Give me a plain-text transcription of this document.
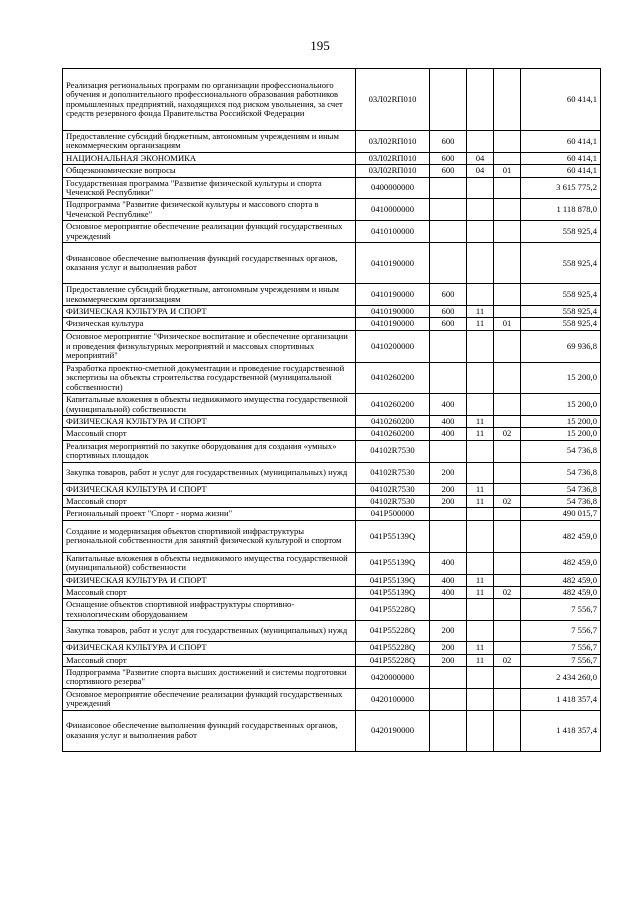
195
Реализация региональных программ по организации профессионального обучения и дополнительного профессионального образования работников промышленных предприятий, находящихся под риском увольнения, за счет средств резервного фонда Правительства Российской Федерации	03Л02RП010				60 414,1
Предоставление субсидий бюджетным, автономным учреждениям и иным некоммерческим организациям	03Л02RП010	600			60 414,1
НАЦИОНАЛЬНАЯ ЭКОНОМИКА	03Л02RП010	600	04		60 414,1
Общеэкономические вопросы	03Л02RП010	600	04	01	60 414,1
Государственная программа "Развитие физической культуры и спорта Чеченской Республики"	0400000000				3 615 775,2
Подпрограмма "Развитие физической культуры и массового спорта в Чеченской Республике"	0410000000				1 118 878,0
Основное мероприятие обеспечение реализации функций государственных учреждений	0410100000				558 925,4
Финансовое обеспечение выполнения функций государственных органов, оказания услуг и выполнения работ	0410190000				558 925,4
Предоставление субсидий бюджетным, автономным учреждениям и иным некоммерческим организациям	0410190000	600			558 925,4
ФИЗИЧЕСКАЯ КУЛЬТУРА И СПОРТ	0410190000	600	11		558 925,4
Физическая культура	0410190000	600	11	01	558 925,4
Основное мероприятие "Физическое воспитание и обеспечение организации и проведения физкультурных мероприятий и массовых спортивных мероприятий"	0410200000				69 936,8
Разработка проектно-сметной документации и проведение государственной экспертизы на объекты строительства государственной (муниципальной собственности)	0410260200				15 200,0
Капитальные вложения в объекты недвижимого имущества государственной (муниципальной) собственности	0410260200	400			15 200,0
ФИЗИЧЕСКАЯ КУЛЬТУРА И СПОРТ	0410260200	400	11		15 200,0
Массовый спорт	0410260200	400	11	02	15 200,0
Реализация мероприятий по закупке оборудования для создания «умных» спортивных площадок	04102R7530				54 736,8
Закупка товаров, работ и услуг для государственных (муниципальных) нужд	04102R7530	200			54 736,8
ФИЗИЧЕСКАЯ КУЛЬТУРА И СПОРТ	04102R7530	200	11		54 736,8
Массовый спорт	04102R7530	200	11	02	54 736,8
Региональный проект "Спорт - норма жизни"	041P500000				490 015,7
Создание и модернизация объектов спортивной инфраструктуры региональной собственности для занятий физической культурой и спортом	041P55139Q				482 459,0
Капитальные вложения в объекты недвижимого имущества государственной (муниципальной) собственности	041P55139Q	400			482 459,0
ФИЗИЧЕСКАЯ КУЛЬТУРА И СПОРТ	041P55139Q	400	11		482 459,0
Массовый спорт	041P55139Q	400	11	02	482 459,0
Оснащение объектов спортивной инфраструктуры спортивно-технологическим оборудованием	041P55228Q				7 556,7
Закупка товаров, работ и услуг для государственных (муниципальных) нужд	041P55228Q	200			7 556,7
ФИЗИЧЕСКАЯ КУЛЬТУРА И СПОРТ	041P55228Q	200	11		7 556,7
Массовый спорт	041P55228Q	200	11	02	7 556,7
Подпрограмма "Развитие спорта высших достижений и системы подготовки спортивного резерва"	0420000000				2 434 260,0
Основное мероприятие обеспечение реализации функций государственных учреждений	0420100000				1 418 357,4
Финансовое обеспечение выполнения функций государственных органов, оказания услуг и выполнения работ	0420190000				1 418 357,4
